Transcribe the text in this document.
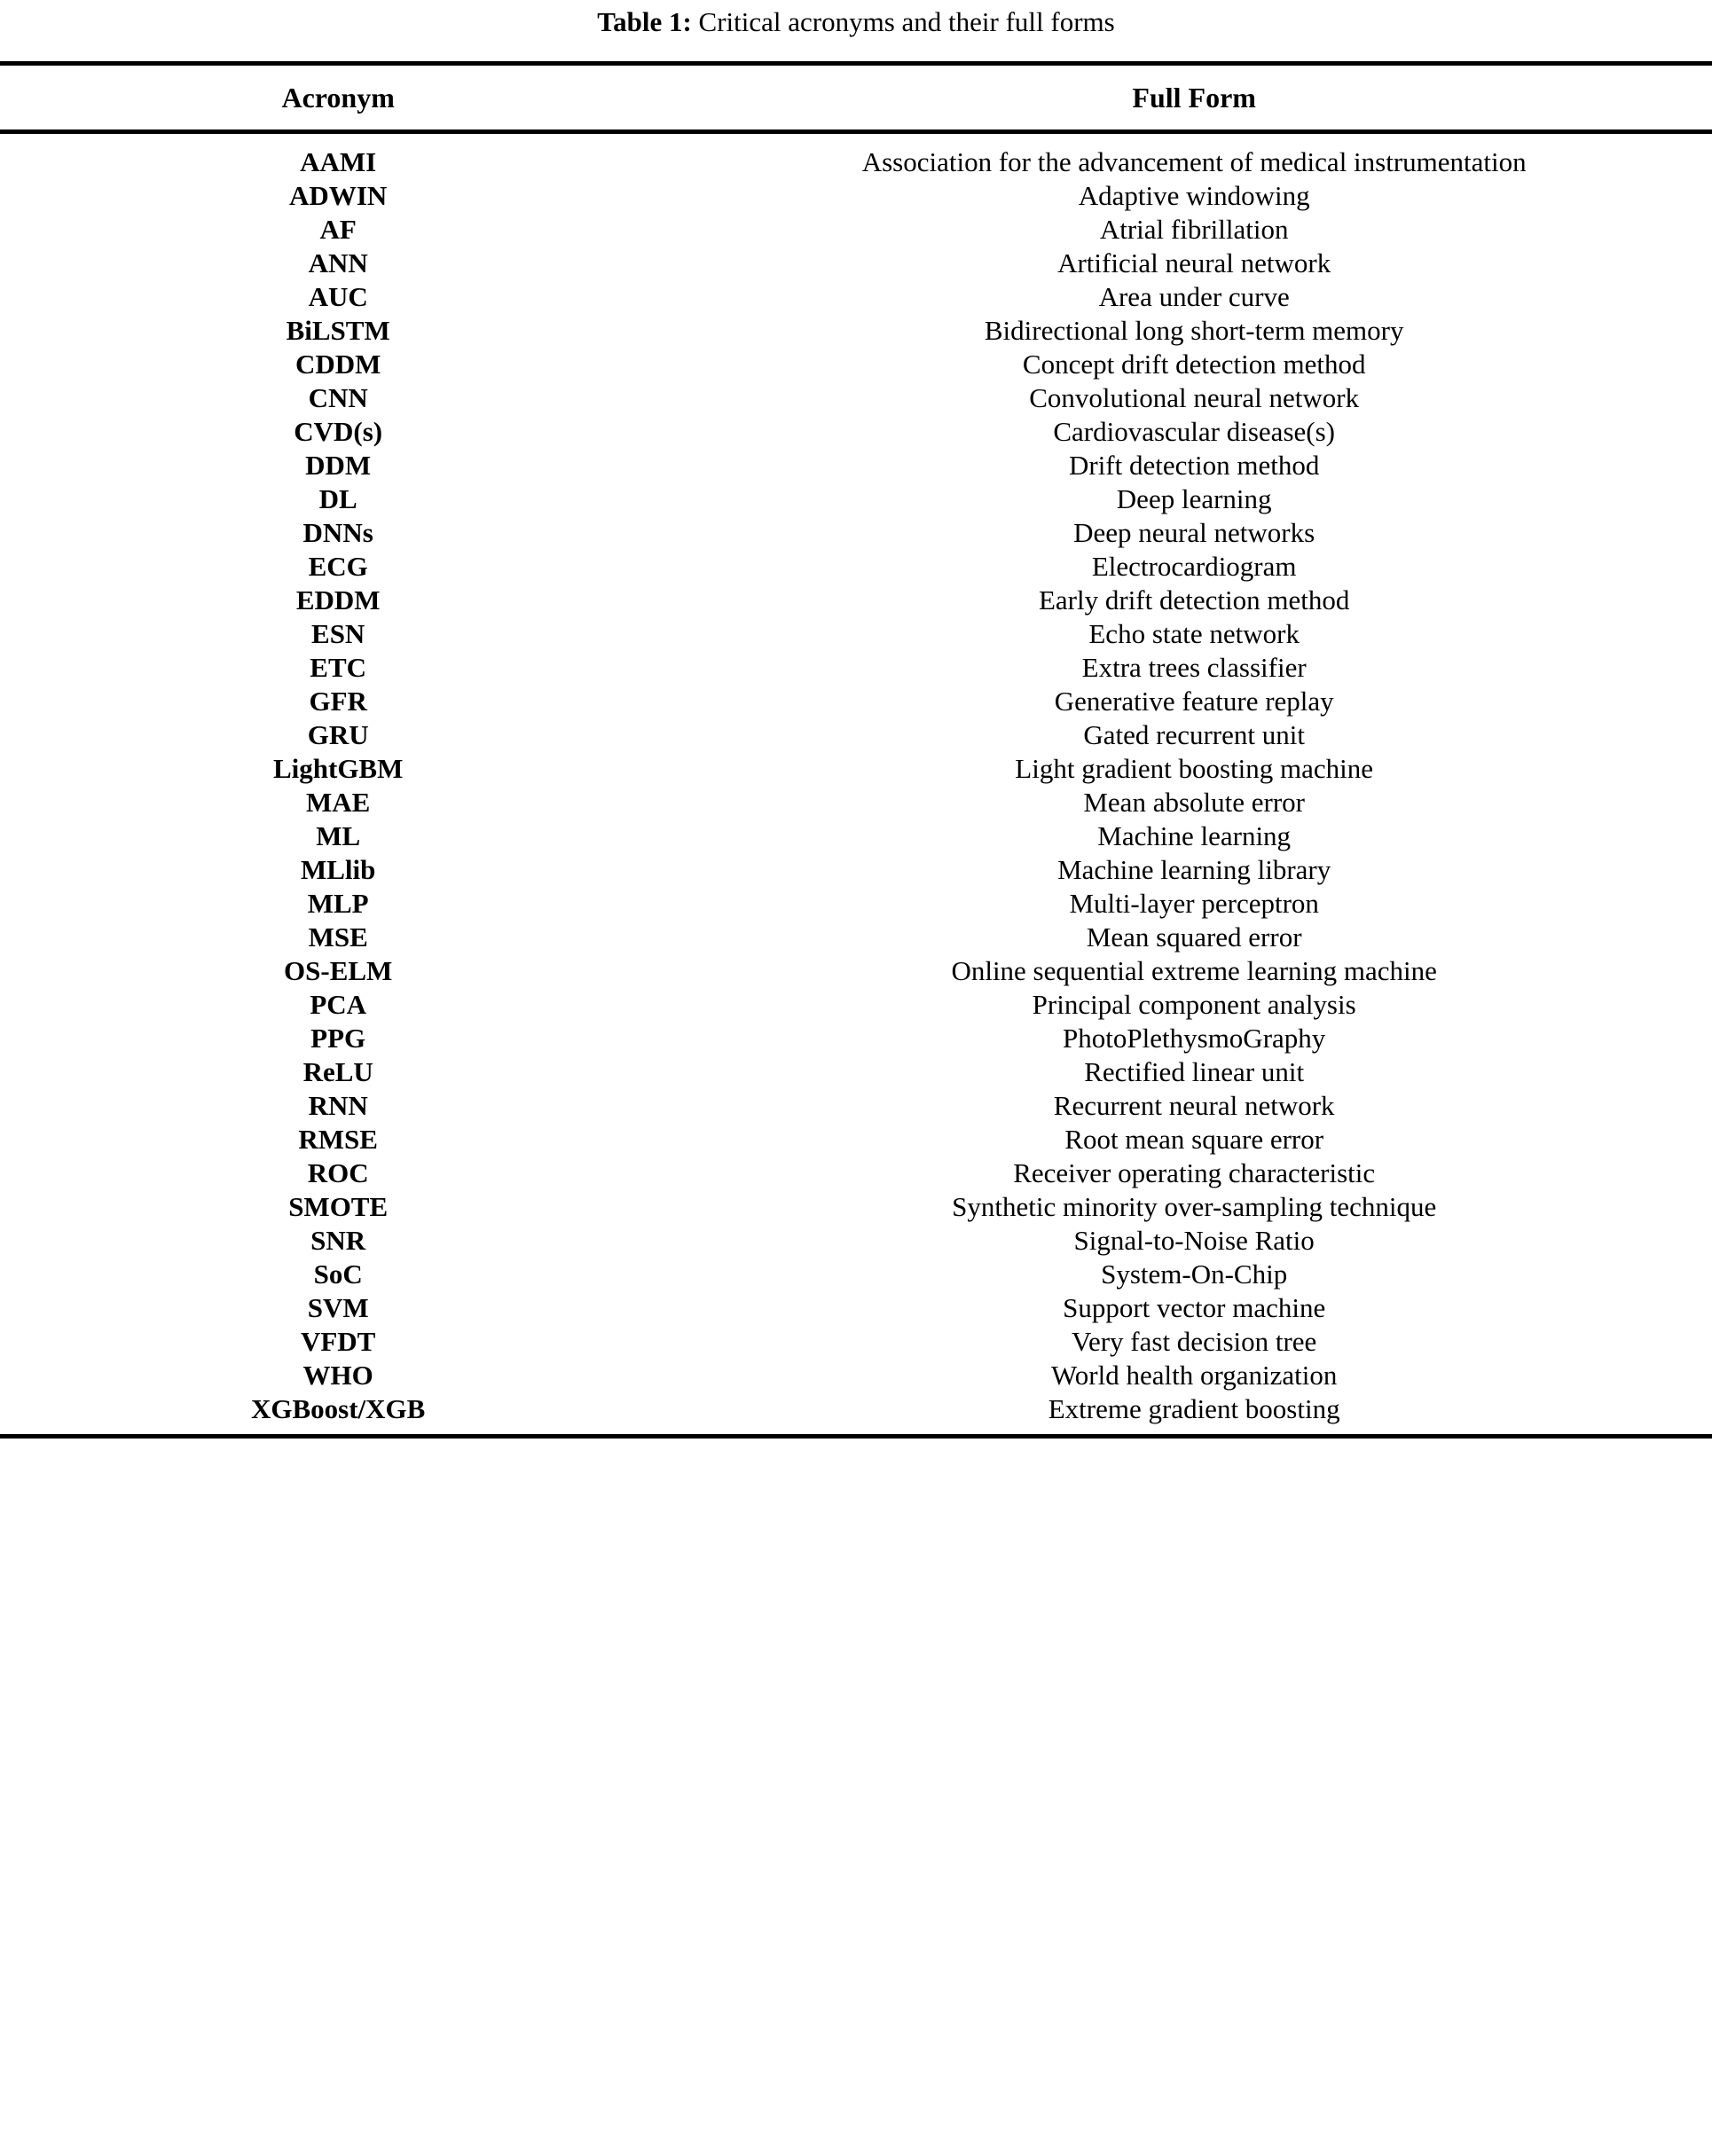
Table 1: Critical acronyms and their full forms
Acronym	Full Form
AAMI	Association for the advancement of medical instrumentation
ADWIN	Adaptive windowing
AF	Atrial fibrillation
ANN	Artificial neural network
AUC	Area under curve
BiLSTM	Bidirectional long short-term memory
CDDM	Concept drift detection method
CNN	Convolutional neural network
CVD(s)	Cardiovascular disease(s)
DDM	Drift detection method
DL	Deep learning
DNNs	Deep neural networks
ECG	Electrocardiogram
EDDM	Early drift detection method
ESN	Echo state network
ETC	Extra trees classifier
GFR	Generative feature replay
GRU	Gated recurrent unit
LightGBM	Light gradient boosting machine
MAE	Mean absolute error
ML	Machine learning
MLlib	Machine learning library
MLP	Multi-layer perceptron
MSE	Mean squared error
OS-ELM	Online sequential extreme learning machine
PCA	Principal component analysis
PPG	PhotoPlethysmoGraphy
ReLU	Rectified linear unit
RNN	Recurrent neural network
RMSE	Root mean square error
ROC	Receiver operating characteristic
SMOTE	Synthetic minority over-sampling technique
SNR	Signal-to-Noise Ratio
SoC	System-On-Chip
SVM	Support vector machine
VFDT	Very fast decision tree
WHO	World health organization
XGBoost/XGB	Extreme gradient boosting
